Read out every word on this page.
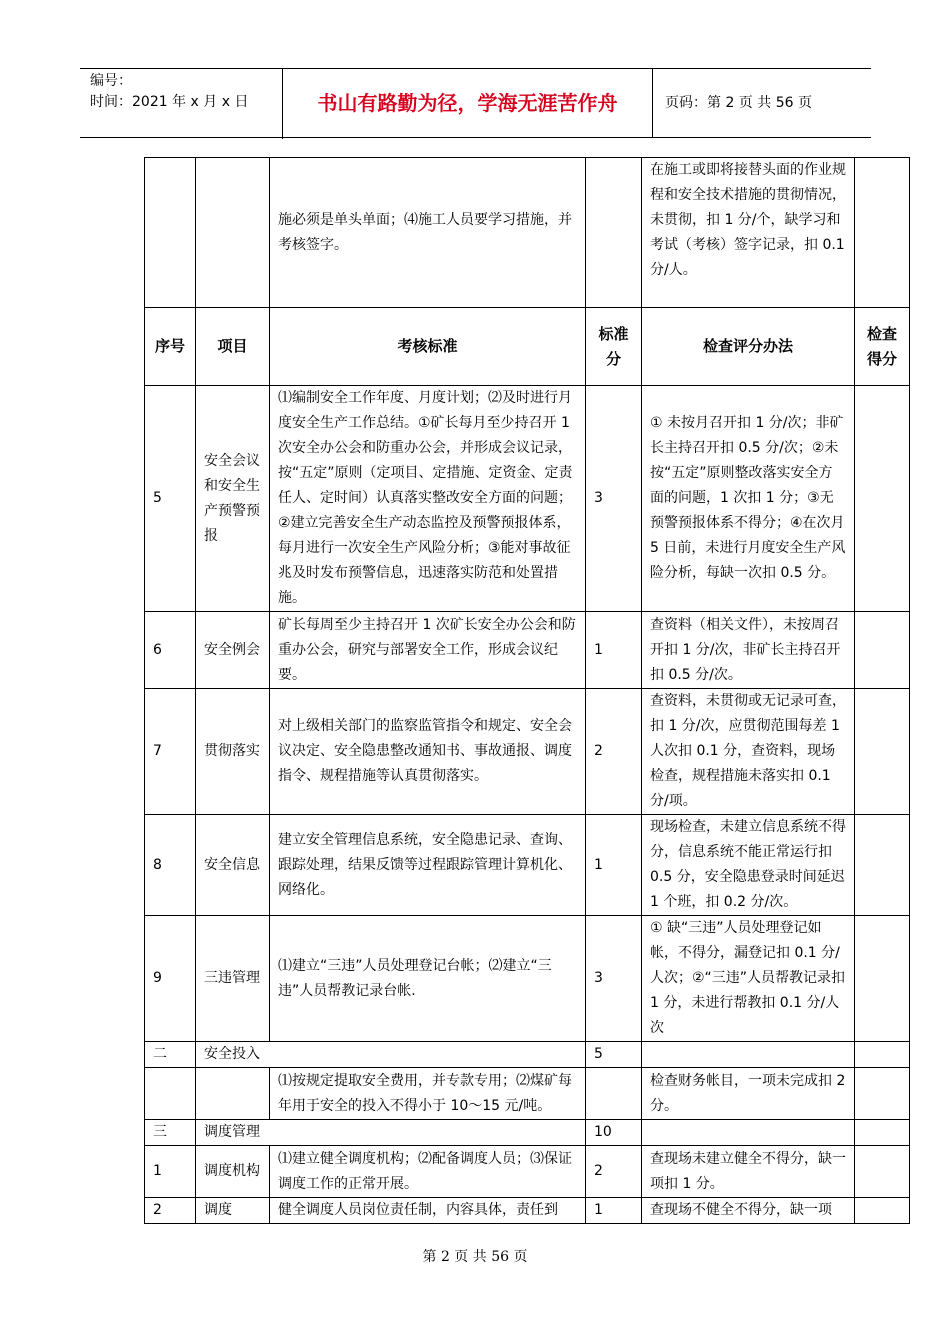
编号：
时间：2021 年 x 月 x 日	书山有路勤为径，学海无涯苦作舟	页码：第 2 页 共 56 页
		施必须是单头单面；⑷施工人员要学习措施，并考核签字。		在施工或即将接替头面的作业规程和安全技术措施的贯彻情况，未贯彻，扣 1 分/个，缺学习和考试（考核）签字记录，扣 0.1 分/人。	
序号	项目	考核标准	标准分	检查评分办法	检查得分
5	安全会议和安全生产预警预报	⑴编制安全工作年度、月度计划；⑵及时进行月度安全生产工作总结。①矿长每月至少持召开 1 次安全办公会和防重办公会，并形成会议记录，按“五定”原则（定项目、定措施、定资金、定责任人、定时间）认真落实整改安全方面的问题；②建立完善安全生产动态监控及预警预报体系，每月进行一次安全生产风险分析；③能对事故征兆及时发布预警信息，迅速落实防范和处置措施。	3	① 未按月召开扣 1 分/次；非矿长主持召开扣 0.5 分/次；②未按“五定”原则整改落实安全方面的问题，1 次扣 1 分；③无预警预报体系不得分；④在次月 5 日前，未进行月度安全生产风险分析，每缺一次扣 0.5 分。	
6	安全例会	矿长每周至少主持召开 1 次矿长安全办公会和防重办公会，研究与部署安全工作，形成会议纪要。	1	查资料（相关文件），未按周召开扣 1 分/次，非矿长主持召开扣 0.5 分/次。	
7	贯彻落实	对上级相关部门的监察监管指令和规定、安全会议决定、安全隐患整改通知书、事故通报、调度指令、规程措施等认真贯彻落实。	2	查资料，未贯彻或无记录可查，扣 1 分/次，应贯彻范围每差 1 人次扣 0.1 分，查资料，现场检查，规程措施未落实扣 0.1 分/项。	
8	安全信息	建立安全管理信息系统，安全隐患记录、查询、跟踪处理，结果反馈等过程跟踪管理计算机化、网络化。	1	现场检查，未建立信息系统不得分，信息系统不能正常运行扣 0.5 分，安全隐患登录时间延迟 1 个班，扣 0.2 分/次。	
9	三违管理	⑴建立“三违”人员处理登记台帐；⑵建立“三违”人员帮教记录台帐.	3	① 缺“三违”人员处理登记如帐，不得分，漏登记扣 0.1 分/人次；②“三违”人员帮教记录扣 1 分，未进行帮教扣 0.1 分/人次	
二	安全投入		5		
		⑴按规定提取安全费用，并专款专用；⑵煤矿每年用于安全的投入不得小于 10～15 元/吨。		检查财务帐目，一项未完成扣 2 分。	
三	调度管理		10		
1	调度机构	⑴建立健全调度机构；⑵配备调度人员；⑶保证调度工作的正常开展。	2	查现场未建立健全不得分，缺一项扣 1 分。	
2	调度	健全调度人员岗位责任制，内容具体，责任到	1	查现场不健全不得分，缺一项	
第 2 页 共 56 页
